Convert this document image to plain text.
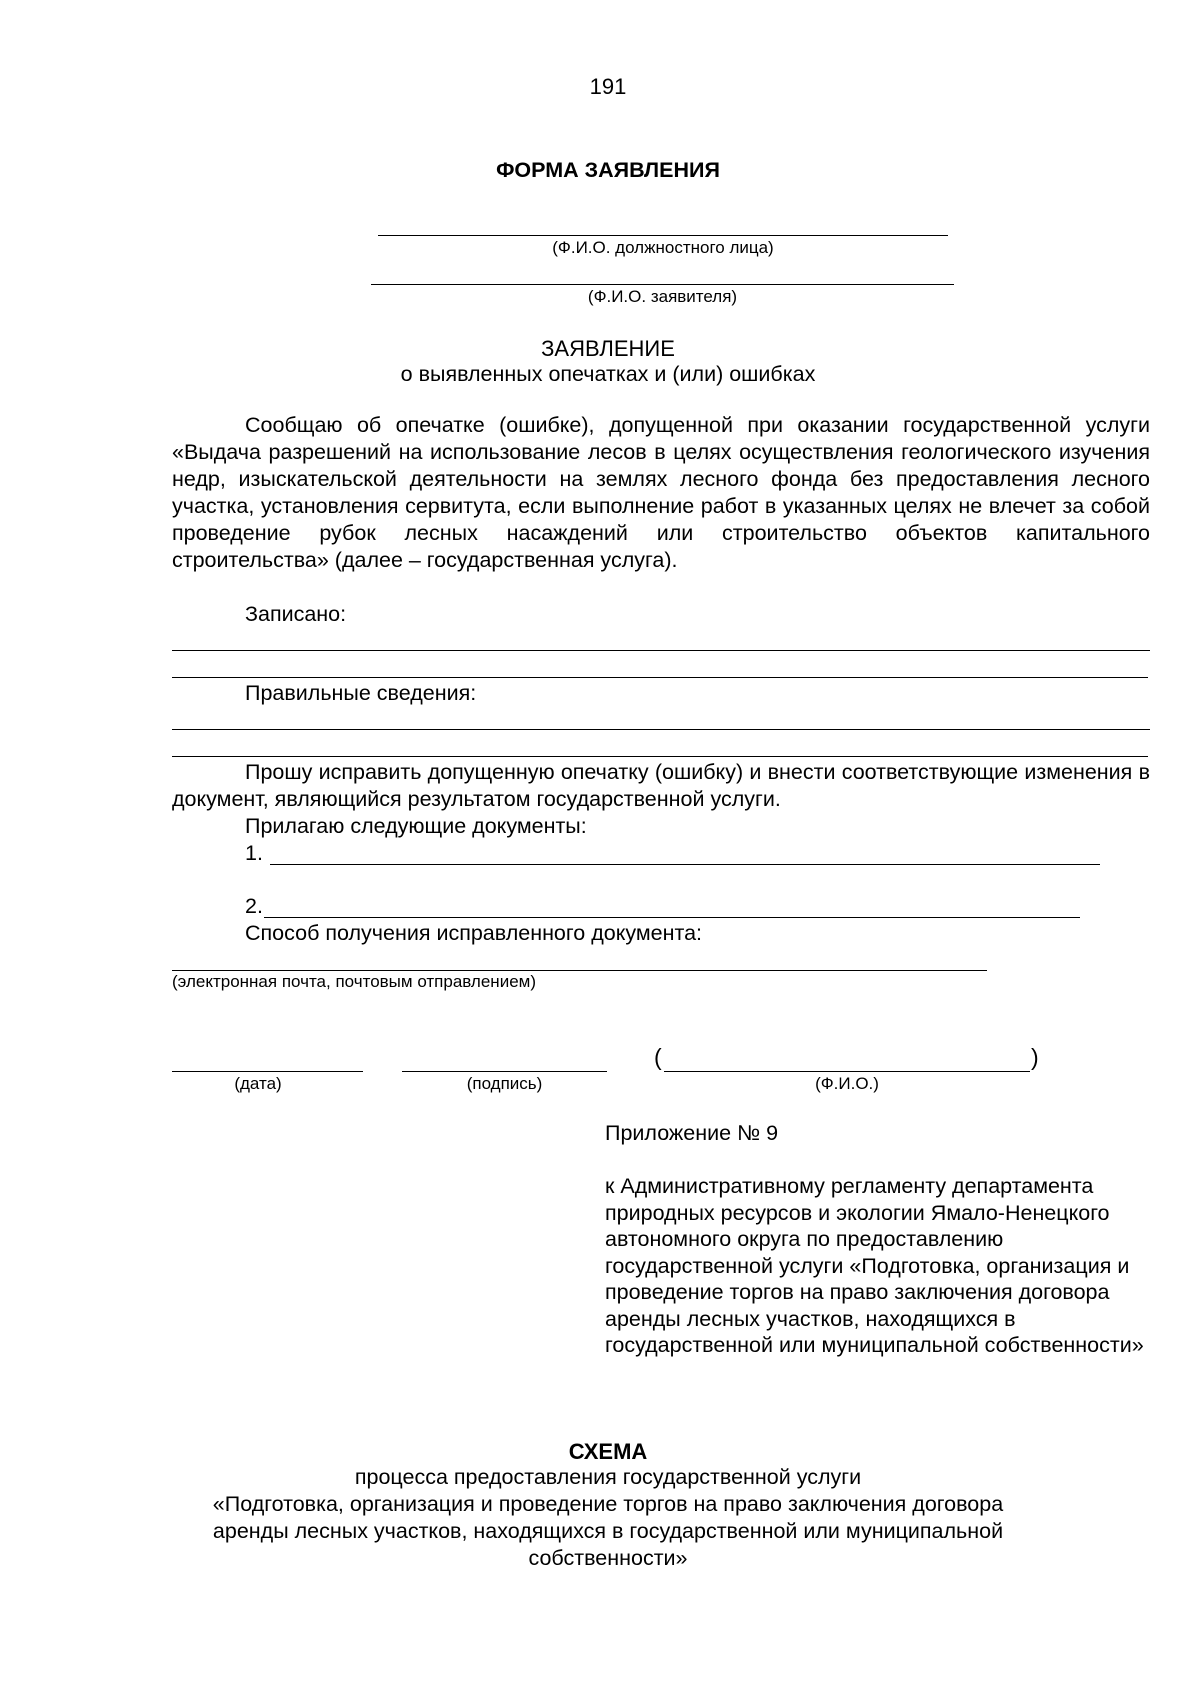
191
ФОРМА ЗАЯВЛЕНИЯ
(Ф.И.О. должностного лица)
(Ф.И.О. заявителя)
ЗАЯВЛЕНИЕ
о выявленных опечатках и (или) ошибках

Сообщаю об опечатке (ошибке), допущенной при оказании государственной услуги «Выдача разрешений на использование лесов в целях осуществления геологического изучения недр, изыскательской деятельности на землях лесного фонда без предоставления лесного участка, установления сервитута, если выполнение работ в указанных целях не влечет за собой проведение рубок лесных насаждений или строительство объектов капитального строительства» (далее – государственная услуга).

Записано:
Правильные сведения:

Прошу исправить допущенную опечатку (ошибку) и внести соответствующие изменения в документ, являющийся результатом государственной услуги.

Прилагаю следующие документы:
1.
2.
Способ получения исправленного документа:
(электронная почта, почтовым отправлением)
(дата)	(подпись)
(	)
(Ф.И.О.)
Приложение № 9
к Административному регламенту департамента природных ресурсов и экологии Ямало-Ненецкого автономного округа по предоставлению государственной услуги «Подготовка, организация и проведение торгов на право заключения договора аренды лесных участков, находящихся в государственной или муниципальной собственности»
СХЕМА
процесса предоставления государственной услуги
«Подготовка, организация и проведение торгов на право заключения договора
аренды лесных участков, находящихся в государственной или муниципальной
собственности»
